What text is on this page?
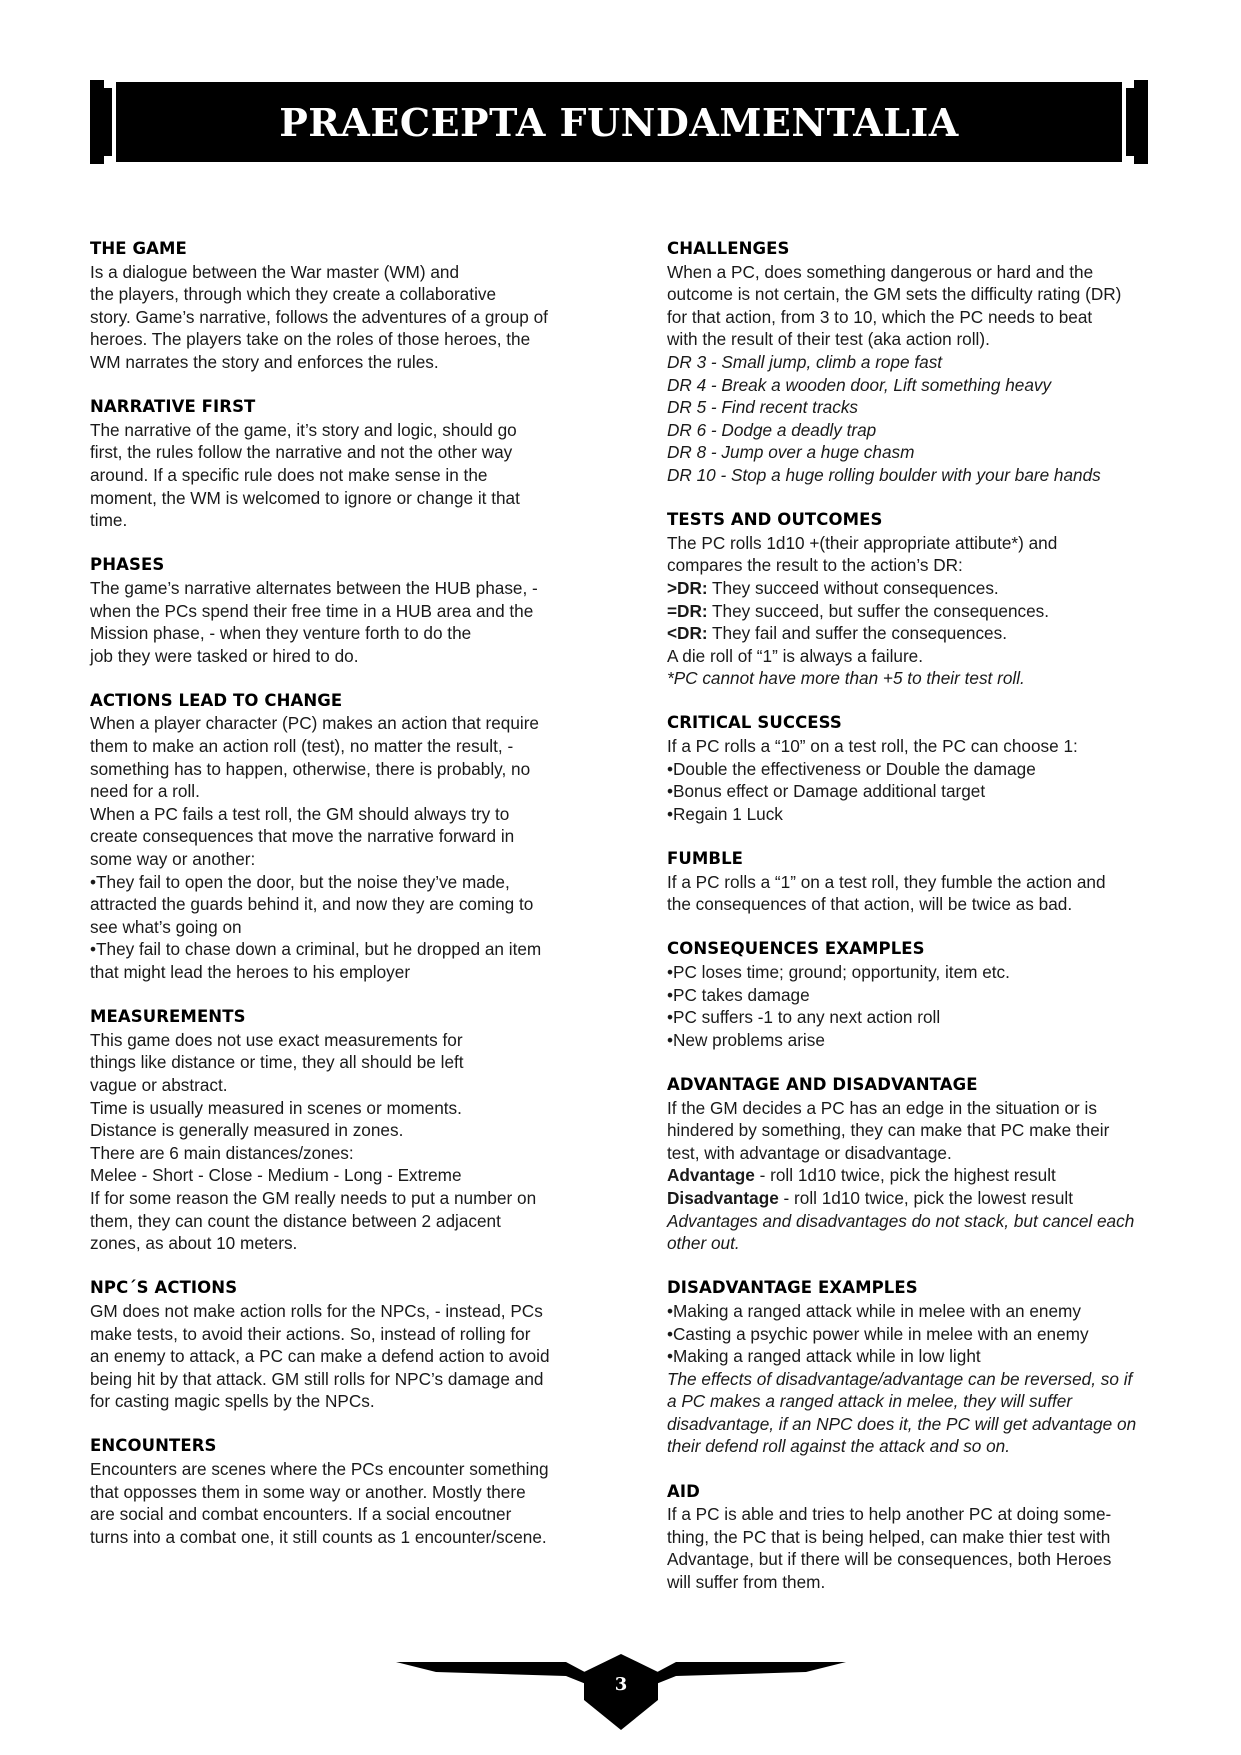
PRAECEPTA FUNDAMENTALIA
THE GAME

Is a dialogue between the War master (WM) and

the players, through which they create a collaborative

story. Game’s narrative, follows the adventures of a group of

heroes. The players take on the roles of those heroes, the

WM narrates the story and enforces the rules.

NARRATIVE FIRST

The narrative of the game, it’s story and logic, should go

first, the rules follow the narrative and not the other way

around. If a specific rule does not make sense in the

moment, the WM is welcomed to ignore or change it that

time.

PHASES

The game’s narrative alternates between the HUB phase, -

when the PCs spend their free time in a HUB area and the

Mission phase, - when they venture forth to do the

job they were tasked or hired to do.

ACTIONS LEAD TO CHANGE

When a player character (PC) makes an action that require

them to make an action roll (test), no matter the result, -

something has to happen, otherwise, there is probably, no

need for a roll.

When a PC fails a test roll, the GM should always try to

create consequences that move the narrative forward in

some way or another:

•They fail to open the door, but the noise they’ve made,

attracted the guards behind it, and now they are coming to

see what’s going on

•They fail to chase down a criminal, but he dropped an item

that might lead the heroes to his employer

MEASUREMENTS

This game does not use exact measurements for

things like distance or time, they all should be left

vague or abstract.

Time is usually measured in scenes or moments.

Distance is generally measured in zones.

There are 6 main distances/zones:

Melee - Short - Close - Medium - Long - Extreme

If for some reason the GM really needs to put a number on

them, they can count the distance between 2 adjacent

zones, as about 10 meters.

NPC´S ACTIONS

GM does not make action rolls for the NPCs, - instead, PCs

make tests, to avoid their actions. So, instead of rolling for

an enemy to attack, a PC can make a defend action to avoid

being hit by that attack. GM still rolls for NPC’s damage and

for casting magic spells by the NPCs.

ENCOUNTERS

Encounters are scenes where the PCs encounter something

that opposses them in some way or another. Mostly there

are social and combat encounters. If a social encoutner

turns into a combat one, it still counts as 1 encounter/scene.

CHALLENGES

When a PC, does something dangerous or hard and the

outcome is not certain, the GM sets the difficulty rating (DR)

for that action, from 3 to 10, which the PC needs to beat

with the result of their test (aka action roll).

DR 3 - Small jump, climb a rope fast

DR 4 - Break a wooden door, Lift something heavy

DR 5 - Find recent tracks

DR 6 - Dodge a deadly trap

DR 8 - Jump over a huge chasm

DR 10 - Stop a huge rolling boulder with your bare hands

TESTS AND OUTCOMES

The PC rolls 1d10 +(their appropriate attibute*) and

compares the result to the action’s DR:

>DR: They succeed without consequences.

=DR: They succeed, but suffer the consequences.

<DR: They fail and suffer the consequences.

A die roll of “1” is always a failure.

*PC cannot have more than +5 to their test roll.

CRITICAL SUCCESS

If a PC rolls a “10” on a test roll, the PC can choose 1:

•Double the effectiveness or Double the damage

•Bonus effect or Damage additional target

•Regain 1 Luck

FUMBLE

If a PC rolls a “1” on a test roll, they fumble the action and

the consequences of that action, will be twice as bad.

CONSEQUENCES EXAMPLES

•PC loses time; ground; opportunity, item etc.

•PC takes damage

•PC suffers -1 to any next action roll

•New problems arise

ADVANTAGE AND DISADVANTAGE

If the GM decides a PC has an edge in the situation or is

hindered by something, they can make that PC make their

test, with advantage or disadvantage.

Advantage - roll 1d10 twice, pick the highest result

Disadvantage - roll 1d10 twice, pick the lowest result

Advantages and disadvantages do not stack, but cancel each

other out.

DISADVANTAGE EXAMPLES

•Making a ranged attack while in melee with an enemy

•Casting a psychic power while in melee with an enemy

•Making a ranged attack while in low light

The effects of disadvantage/advantage can be reversed, so if

a PC makes a ranged attack in melee, they will suffer

disadvantage, if an NPC does it, the PC will get advantage on

their defend roll against the attack and so on.

AID

If a PC is able and tries to help another PC at doing some-

thing, the PC that is being helped, can make thier test with

Advantage, but if there will be consequences, both Heroes

will suffer from them.

3
